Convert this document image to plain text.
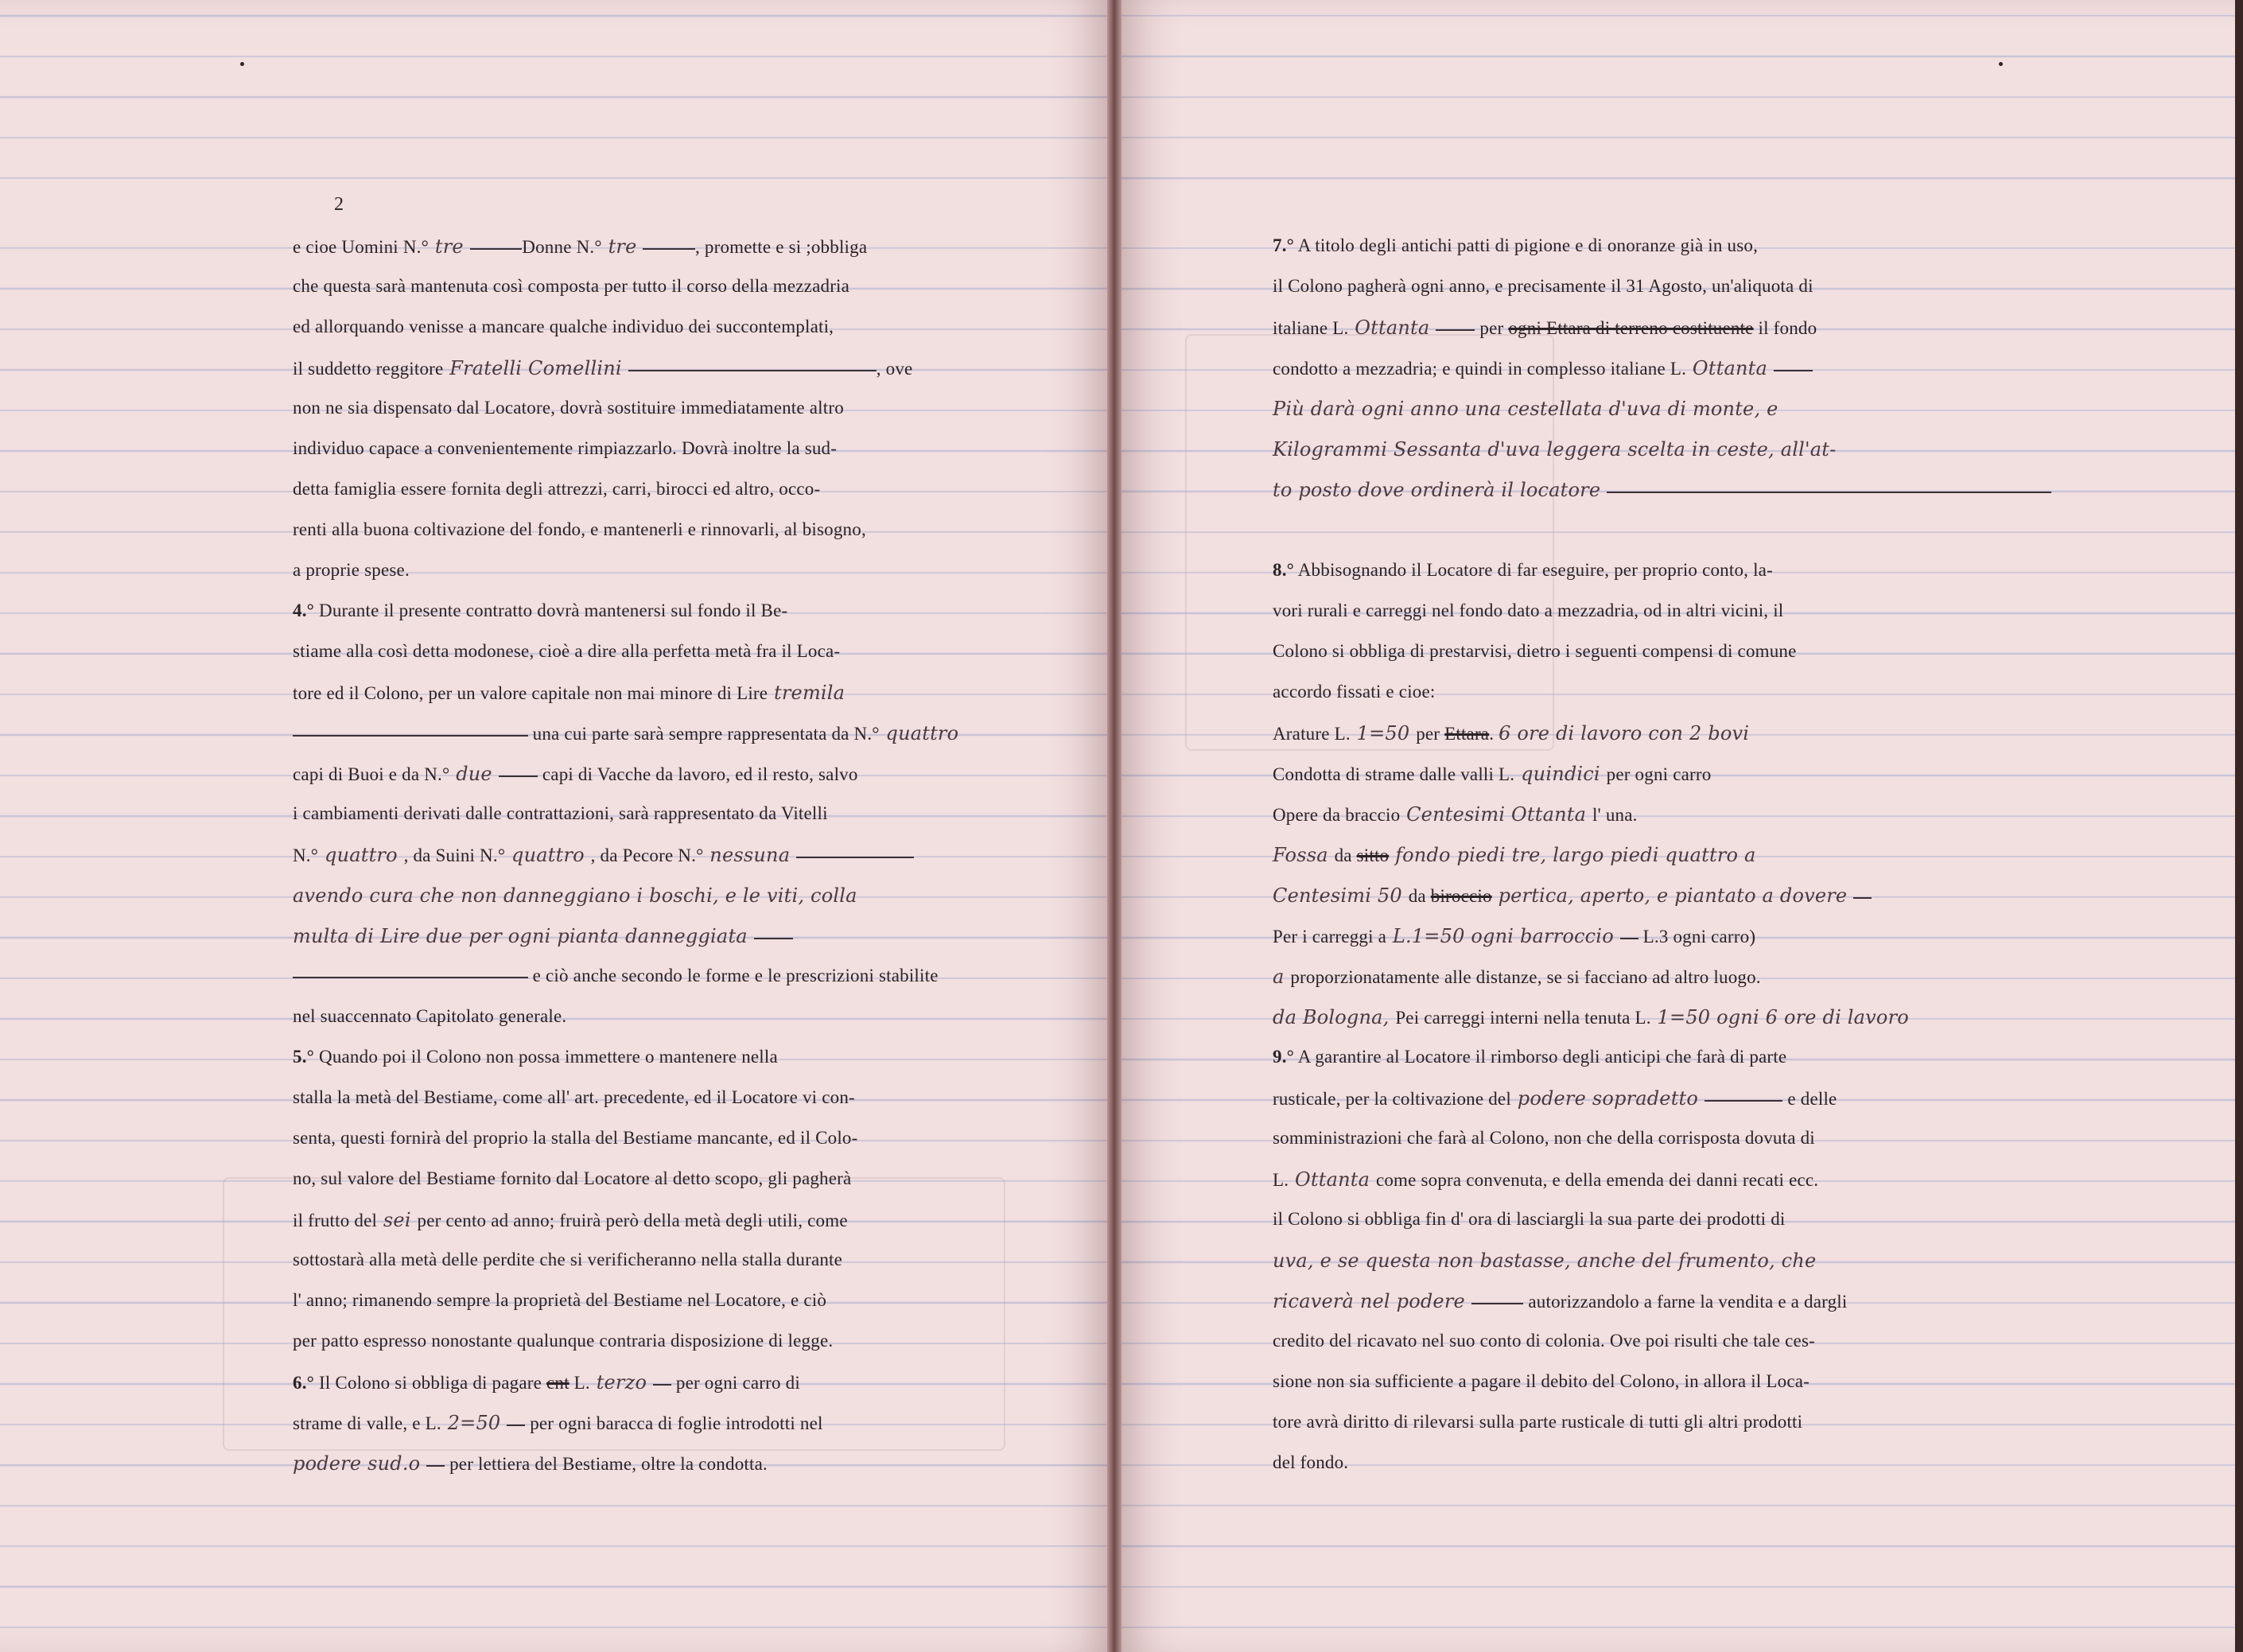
2
e cioe Uomini N.° tre	Donne N.° tre	, promette e si ;obbliga
che questa sarà mantenuta così composta per tutto il corso della mezzadria
ed allorquando venisse a mancare qualche individuo dei succontemplati,
il suddetto reggitore Fratelli Comellini	, ove
non ne sia dispensato dal Locatore, dovrà sostituire immediatamente altro
individuo capace a convenientemente rimpiazzarlo. Dovrà inoltre la sud-
detta famiglia essere fornita degli attrezzi, carri, birocci ed altro, occo-
renti alla buona coltivazione del fondo, e mantenerli e rinnovarli, al bisogno,
a proprie spese.
4.° Durante il presente contratto dovrà mantenersi sul fondo il Be-
stiame alla così detta modonese, cioè a dire alla perfetta metà fra il Loca-
tore ed il Colono, per un valore capitale non mai minore di Lire tremila
una cui parte sarà sempre rappresentata da N.° quattro
capi di Buoi e da N.° due  capi di Vacche da lavoro, ed il resto, salvo
i cambiamenti derivati dalle contrattazioni, sarà rappresentato da Vitelli
N.° quattro , da Suini N.° quattro , da Pecore N.° nessuna
avendo cura che non danneggiano i boschi, e le viti, colla
multa di Lire due per ogni pianta danneggiata
e ciò anche secondo le forme e le prescrizioni stabilite
nel suaccennato Capitolato generale.
5.° Quando poi il Colono non possa immettere o mantenere nella
stalla la metà del Bestiame, come all' art. precedente, ed il Locatore vi con-
senta, questi fornirà del proprio la stalla del Bestiame mancante, ed il Colo-
no, sul valore del Bestiame fornito dal Locatore al detto scopo, gli pagherà
il frutto del sei per cento ad anno; fruirà però della metà degli utili, come
sottostarà alla metà delle perdite che si verificheranno nella stalla durante
l' anno; rimanendo sempre la proprietà del Bestiame nel Locatore, e ciò
per patto espresso nonostante qualunque contraria disposizione di legge.
6.° Il Colono si obbliga di pagare cnt L. terzo  per ogni carro di
strame di valle, e L. 2=50  per ogni baracca di foglie introdotti nel
podere sud.o  per lettiera del Bestiame, oltre la condotta.
7.° A titolo degli antichi patti di pigione e di onoranze già in uso,
il Colono pagherà ogni anno, e precisamente il 31 Agosto, un'aliquota di
italiane L. Ottanta  per ogni Ettara di terreno costituente il fondo
condotto a mezzadria; e quindi in complesso italiane L. Ottanta
Più darà ogni anno una cestellata d'uva di monte, e
Kilogrammi Sessanta d'uva leggera scelta in ceste, all'at-
to posto dove ordinerà il locatore
8.° Abbisognando il Locatore di far eseguire, per proprio conto, la-
vori rurali e carreggi nel fondo dato a mezzadria, od in altri vicini, il
Colono si obbliga di prestarvisi, dietro i seguenti compensi di comune
accordo fissati e cioe:
Arature L. 1=50 per Ettara. 6 ore di lavoro con 2 bovi
Condotta di strame dalle valli L. quindici per ogni carro
Opere da braccio Centesimi Ottanta l' una.
Fossa da sitto fondo piedi tre, largo piedi quattro a
Centesimi 50 da biroccio pertica, aperto, e piantato a dovere
Per i carreggi a L.1=50 ogni barroccio  L.3 ogni carro)
a proporzionatamente alle distanze, se si facciano ad altro luogo.
da Bologna, Pei carreggi interni nella tenuta L. 1=50 ogni 6 ore di lavoro
9.° A garantire al Locatore il rimborso degli anticipi che farà di parte
rusticale, per la coltivazione del podere sopradetto	e delle
somministrazioni che farà al Colono, non che della corrisposta dovuta di
L. Ottanta come sopra convenuta, e della emenda dei danni recati ecc.
il Colono si obbliga fin d' ora di lasciargli la sua parte dei prodotti di
uva, e se questa non bastasse, anche del frumento, che
ricaverà nel podere	autorizzandolo a farne la vendita e a dargli
credito del ricavato nel suo conto di colonia. Ove poi risulti che tale ces-
sione non sia sufficiente a pagare il debito del Colono, in allora il Loca-
tore avrà diritto di rilevarsi sulla parte rusticale di tutti gli altri prodotti
del fondo.
